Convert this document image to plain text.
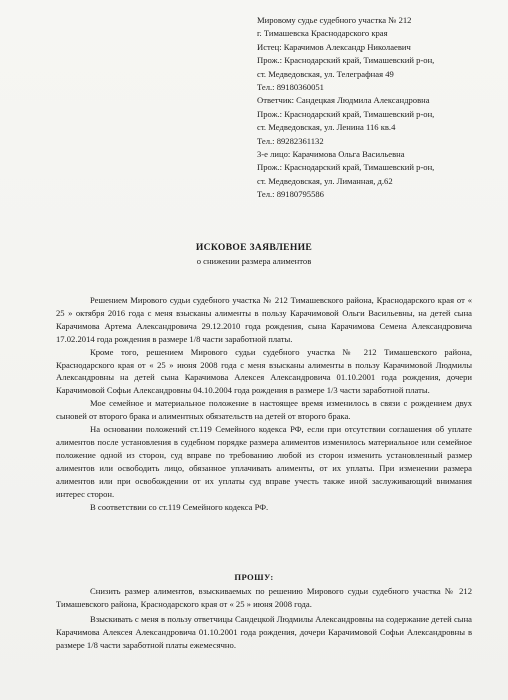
Мировому судье судебного участка № 212
г. Тимашевска Краснодарского края
Истец: Карачимов Александр Николаевич
Прож.: Краснодарский край, Тимашевский р-он,
ст. Медведовская, ул. Телеграфная 49
Тел.: 89180360051
Ответчик: Сандецкая Людмила Александровна
Прож.: Краснодарский край, Тимашевский р-он,
ст. Медведовская, ул. Ленина 116 кв.4
Тел.: 89282361132
3-е лицо: Карачимова Ольга Васильевна
Прож.: Краснодарский край, Тимашевский р-он,
ст. Медведовская, ул. Лиманная, д.62
Тел.: 89180795586
ИСКОВОЕ ЗАЯВЛЕНИЕ
о снижении размера алиментов

Решением Мирового судьи судебного участка № 212 Тимашевского района, Краснодарского края от « 25 » октября 2016 года с меня взысканы алименты в пользу Карачимовой Ольги Васильевны, на детей сына Карачимова Артема Александровича 29.12.2010 года рождения, сына Карачимова Семена Александровича 17.02.2014 года рождения в размере 1/8 части заработной платы.

Кроме того, решением Мирового судьи судебного участка № 212 Тимашевского района, Краснодарского края от « 25 » июня 2008 года с меня взысканы алименты в пользу Карачимовой Людмилы Александровны на детей сына Карачимова Алексея Александровича 01.10.2001 года рождения, дочери Карачимовой Софьи Александровны 04.10.2004 года рождения в размере 1/3 части заработной платы.

Мое семейное и материальное положение в настоящее время изменилось в связи с рождением двух сыновей от второго брака и алиментных обязательств на детей от второго брака.

На основании положений ст.119 Семейного кодекса РФ, если при отсутствии соглашения об уплате алиментов после установления в судебном порядке размера алиментов изменилось материальное или семейное положение одной из сторон, суд вправе по требованию любой из сторон изменить установленный размер алиментов или освободить лицо, обязанное уплачивать алименты, от их уплаты. При изменении размера алиментов или при освобождении от их уплаты суд вправе учесть также иной заслуживающий внимания интерес сторон.

В соответствии со ст.119 Семейного кодекса РФ.

ПРОШУ:

Снизить размер алиментов, взыскиваемых по решению Мирового судьи судебного участка № 212 Тимашевского района, Краснодарского края от « 25 » июня 2008 года.

Взыскивать с меня в пользу ответчицы Сандецкой Людмилы Александровны на содержание детей сына Карачимова Алексея Александровича 01.10.2001 года рождения, дочери Карачимовой Софьи Александровны в размере 1/8 части заработной платы ежемесячно.
